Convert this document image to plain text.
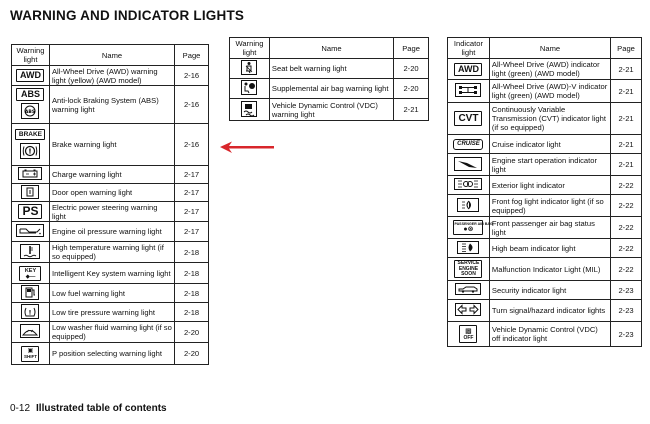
WARNING AND INDICATOR LIGHTS
Warning light	Name	Page
AWD	All-Wheel Drive (AWD) warning light (yellow) (AWD model)	2-16

ABS
ABS	Anti-lock Braking System (ABS) warning light	2-16

BRAKE
!	Brake warning light	2-16
	Charge warning light	2-17
	Door open warning light	2-17
PS	Electric power steering warning light	2-17
	Engine oil pressure warning light	2-17
	High temperature warning light (if so equipped)	2-18
KEY
◆—	Intelligent Key system warning light	2-18
	Low fuel warning light	2-18

!	Low tire pressure warning light	2-18
	Low washer fluid warning light (if so equipped)	2-20
▣
SHIFT	P position selecting warning light	2-20
Warning light	Name	Page
	Seat belt warning light	2-20
	Supplemental air bag warning light	2-20
	Vehicle Dynamic Control (VDC) warning light	2-21
Indicator light	Name	Page
AWD	All-Wheel Drive (AWD) indicator light (green) (AWD model)	2-21
	All-Wheel Drive (AWD)-V indicator light (green) (AWD model)	2-21
CVT	Continuously Variable Transmission (CVT) indicator light (if so equipped)	2-21
CRUISE	Cruise indicator light	2-21
	Engine start operation indicator light	2-21
	Exterior light indicator	2-22
	Front fog light indicator light (if so equipped)	2-22
PASSENGER AIR BAG
●⊗	Front passenger air bag status light	2-22
	High beam indicator light	2-22
SERVICE ENGINE SOON	Malfunction Indicator Light (MIL)	2-22
	Security indicator light	2-23
	Turn signal/hazard indicator lights	2-23
▩
OFF	Vehicle Dynamic Control (VDC) off indicator light	2-23
0-12 Illustrated table of contents
